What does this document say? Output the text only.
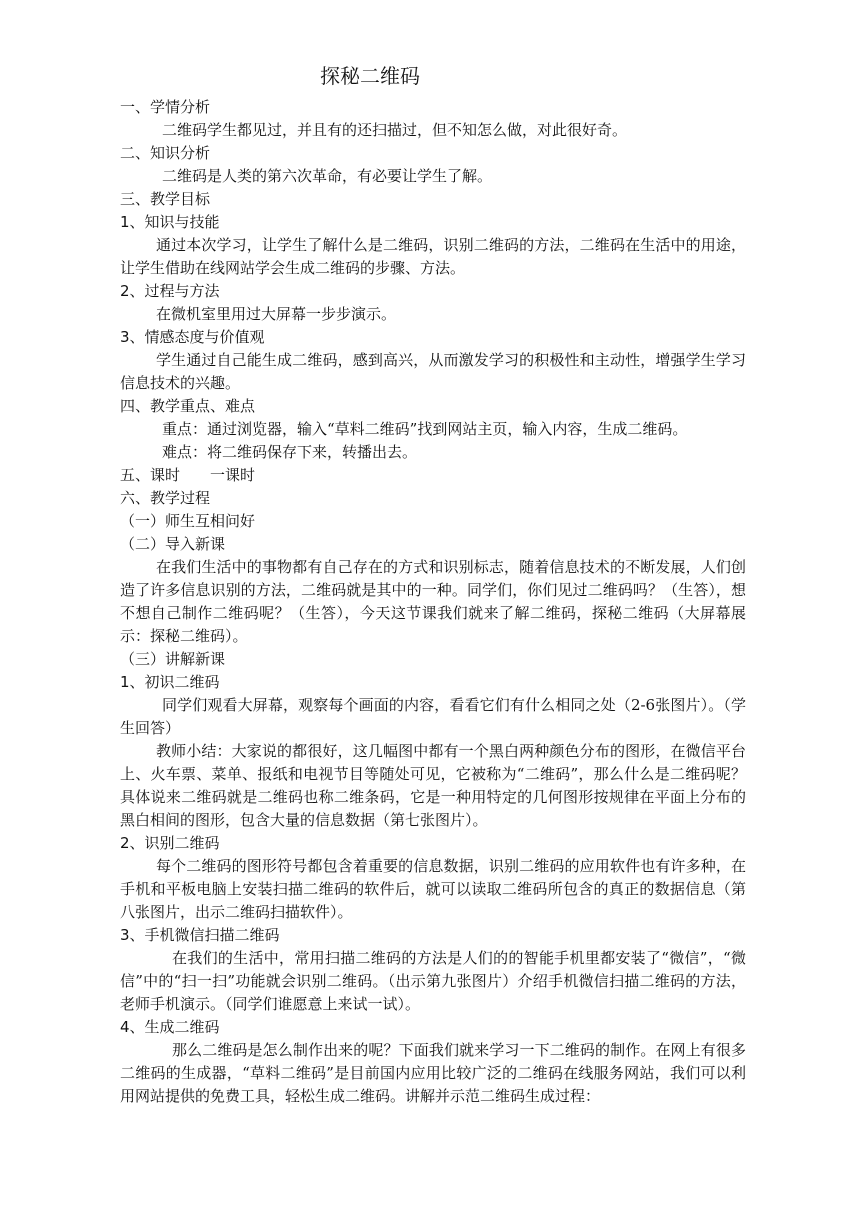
探秘二维码
一、学情分析
二维码学生都见过，并且有的还扫描过，但不知怎么做，对此很好奇。
二、知识分析
二维码是人类的第六次革命，有必要让学生了解。
三、教学目标
1、知识与技能

通过本次学习，让学生了解什么是二维码，识别二维码的方法，二维码在生活中的用途，让学生借助在线网站学会生成二维码的步骤、方法。

2、过程与方法
在微机室里用过大屏幕一步步演示。
3、情感态度与价值观

学生通过自己能生成二维码，感到高兴，从而激发学习的积极性和主动性，增强学生学习信息技术的兴趣。

四、教学重点、难点

重点：通过浏览器，输入“草料二维码”找到网站主页，输入内容，生成二维码。

难点：将二维码保存下来，转播出去。
五、课时　　一课时
六、教学过程
（一）师生互相问好
（二）导入新课

在我们生活中的事物都有自己存在的方式和识别标志，随着信息技术的不断发展，人们创造了许多信息识别的方法，二维码就是其中的一种。同学们，你们见过二维码吗？（生答），想不想自己制作二维码呢？（生答），今天这节课我们就来了解二维码，探秘二维码（大屏幕展示：探秘二维码）。

（三）讲解新课
1、初识二维码

同学们观看大屏幕，观察每个画面的内容，看看它们有什么相同之处（2-6张图片）。（学生回答）

教师小结：大家说的都很好，这几幅图中都有一个黑白两种颜色分布的图形，在微信平台上、火车票、菜单、报纸和电视节目等随处可见，它被称为“二维码”，那么什么是二维码呢？具体说来二维码就是二维码也称二维条码，它是一种用特定的几何图形按规律在平面上分布的黑白相间的图形，包含大量的信息数据（第七张图片）。

2、识别二维码

每个二维码的图形符号都包含着重要的信息数据，识别二维码的应用软件也有许多种，在手机和平板电脑上安装扫描二维码的软件后，就可以读取二维码所包含的真正的数据信息（第八张图片，出示二维码扫描软件）。

3、手机微信扫描二维码

在我们的生活中，常用扫描二维码的方法是人们的的智能手机里都安装了“微信”，“微信”中的“扫一扫”功能就会识别二维码。（出示第九张图片）介绍手机微信扫描二维码的方法，老师手机演示。（同学们谁愿意上来试一试）。

4、生成二维码

那么二维码是怎么制作出来的呢？下面我们就来学习一下二维码的制作。在网上有很多二维码的生成器，“草料二维码”是目前国内应用比较广泛的二维码在线服务网站，我们可以利用网站提供的免费工具，轻松生成二维码。讲解并示范二维码生成过程：
